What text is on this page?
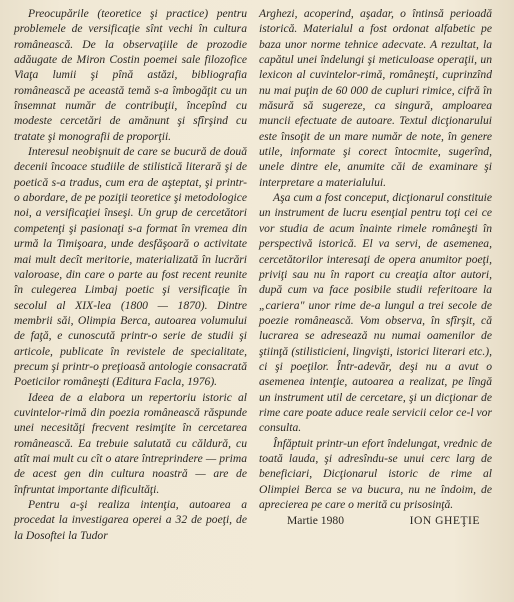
Preocupările (teoretice şi practice) pentru problemele de versificaţie sînt vechi în cultura românească. De la observaţiile de prozodie adăugate de Miron Costin poemei sale filozofice Viaţa lumii şi pînă astăzi, bibliografia românească pe această temă s-a îmbogăţit cu un însemnat număr de contribuţii, începînd cu modeste cercetări de amănunt şi sfîrşind cu tratate şi monografii de proporţii.

Interesul neobişnuit de care se bucură de două decenii încoace studiile de stilistică literară şi de poetică s-a tradus, cum era de aşteptat, şi printr-o abordare, de pe poziţii teoretice şi metodologice noi, a versificaţiei înseşi. Un grup de cercetători competenţi şi pasionaţi s-a format în vremea din urmă la Timişoara, unde desfăşoară o activitate mai mult decît meritorie, materializată în lucrări valoroase, din care o parte au fost recent reunite în culegerea Limbaj poetic şi versificaţie în secolul al XIX-lea (1800 — 1870). Dintre membrii săi, Olimpia Berca, autoarea volumului de faţă, e cunoscută printr-o serie de studii şi articole, publicate în revistele de specialitate, precum şi printr-o preţioasă antologie consacrată Poeticilor româneşti (Editura Facla, 1976).

Ideea de a elabora un repertoriu istoric al cuvintelor-rimă din poezia românească răspunde unei necesităţi frecvent resimţite în cercetarea românească. Ea trebuie salutată cu căldură, cu atît mai mult cu cît o atare întreprindere — prima de acest gen din cultura noastră — are de înfruntat importante dificultăţi.

Pentru a-şi realiza intenţia, autoarea a procedat la investigarea operei a 32 de poeţi, de la Dosoftei la Tudor

Arghezi, acoperind, aşadar, o întinsă perioadă istorică. Materialul a fost ordonat alfabetic pe baza unor norme tehnice adecvate. A rezultat, la capătul unei îndelungi şi meticuloase operaţii, un lexicon al cuvintelor-rimă, româneşti, cuprinzînd nu mai puţin de 60 000 de cupluri rimice, cifră în măsură să sugereze, ca singură, amploarea muncii efectuate de autoare. Textul dicţionarului este însoţit de un mare număr de note, în genere utile, informate şi corect întocmite, sugerînd, unele dintre ele, anumite căi de examinare şi interpretare a materialului.

Aşa cum a fost conceput, dicţionarul constituie un instrument de lucru esenţial pentru toţi cei ce vor studia de acum înainte rimele româneşti în perspectivă istorică. El va servi, de asemenea, cercetătorilor interesaţi de opera anumitor poeţi, priviţi sau nu în raport cu creaţia altor autori, după cum va face posibile studii referitoare la „cariera" unor rime de-a lungul a trei secole de poezie românească. Vom observa, în sfîrşit, că lucrarea se adresează nu numai oamenilor de ştiinţă (stilisticieni, lingvişti, istorici literari etc.), ci şi poeţilor. Într-adevăr, deşi nu a avut o asemenea intenţie, autoarea a realizat, pe lîngă un instrument util de cercetare, şi un dicţionar de rime care poate aduce reale servicii celor ce-l vor consulta.

Înfăptuit printr-un efort îndelungat, vrednic de toată lauda, şi adresîndu-se unui cerc larg de beneficiari, Dicţionarul istoric de rime al Olimpiei Berca se va bucura, nu ne îndoim, de aprecierea pe care o merită cu prisosinţă.

Martie 1980	ION GHEŢIE
